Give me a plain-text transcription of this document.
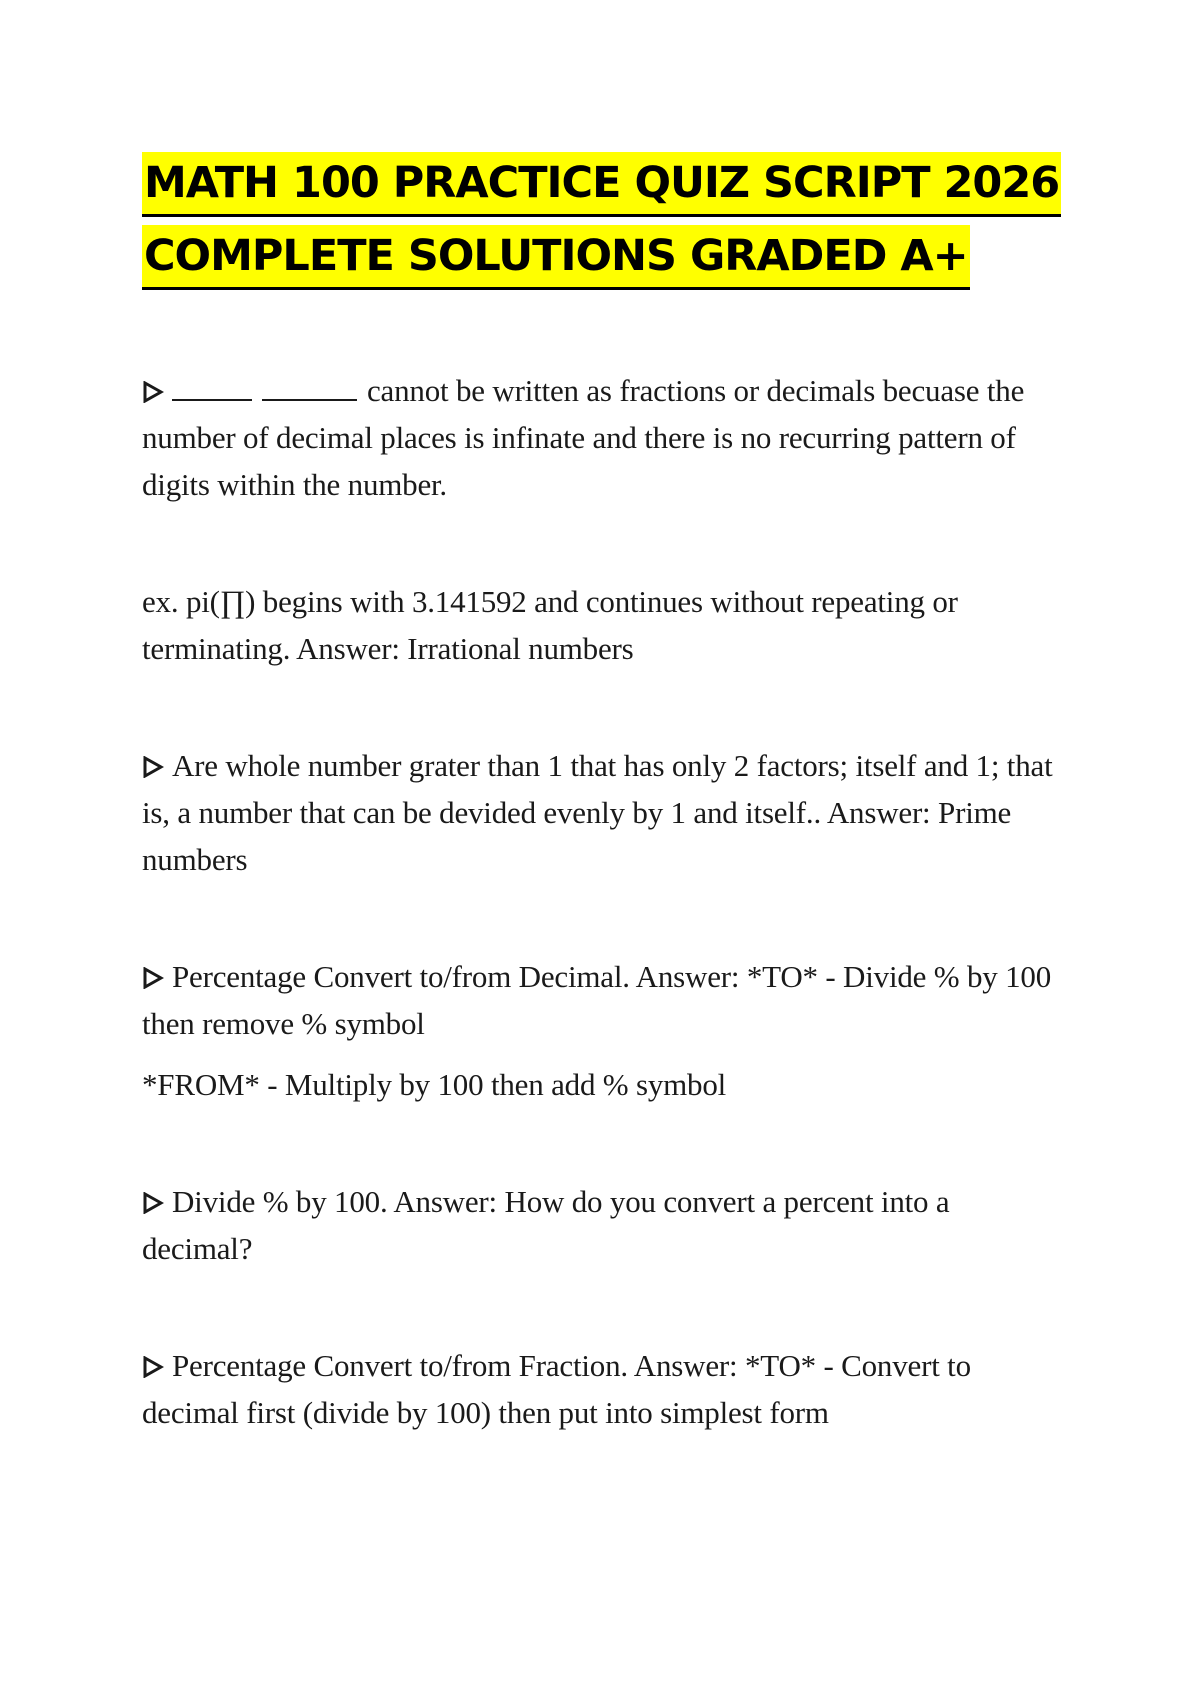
MATH 100 PRACTICE QUIZ SCRIPT 2026
COMPLETE SOLUTIONS GRADED A+

cannot be written as fractions or decimals becuase the number of decimal places is infinate and there is no recurring pattern of digits within the number.

ex. pi(∏) begins with 3.141592 and continues without repeating or terminating. Answer: Irrational numbers

Are whole number grater than 1 that has only 2 factors; itself and 1; that is, a number that can be devided evenly by 1 and itself.. Answer: Prime numbers

Percentage Convert to/from Decimal. Answer: *TO* - Divide % by 100 then remove % symbol

*FROM* - Multiply by 100 then add % symbol

Divide % by 100. Answer: How do you convert a percent into a decimal?

Percentage Convert to/from Fraction. Answer: *TO* - Convert to decimal first (divide by 100) then put into simplest form
